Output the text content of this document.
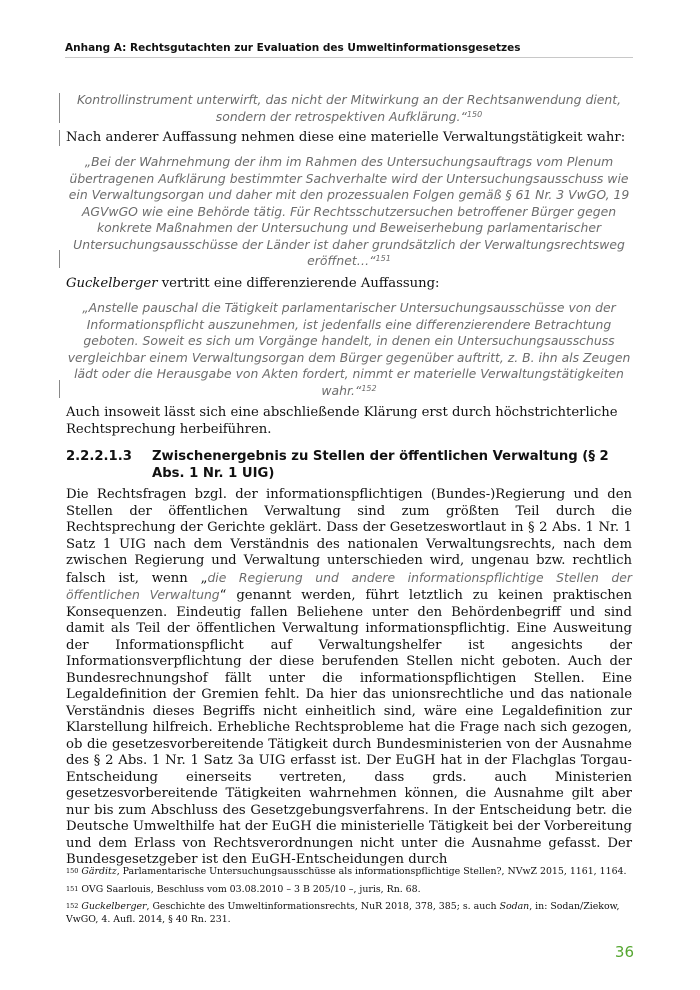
Anhang A: Rechtsgutachten zur Evaluation des Umweltinformationsgesetzes
Kontrollinstrument unterwirft, das nicht der Mitwirkung an der Rechtsanwendung dient, sondern der retrospektiven Aufklärung.“$^{150}$
Nach anderer Auffassung nehmen diese eine materielle Verwaltungstätigkeit wahr:
„Bei der Wahrnehmung der ihm im Rahmen des Untersuchungsauftrags vom Plenum übertragenen Aufklärung bestimmter Sachverhalte wird der Untersuchungsausschuss wie ein Verwaltungsorgan und daher mit den prozessualen Folgen gemäß § 61 Nr. 3 VwGO, 19 AGVwGO wie eine Behörde tätig. Für Rechtsschutzersuchen betroffener Bürger gegen konkrete Maßnahmen der Untersuchung und Beweiserhebung parlamentarischer Untersuchungsausschüsse der Länder ist daher grundsätzlich der Verwaltungsrechtsweg eröffnet…“$^{151}$
Guckelberger vertritt eine differenzierende Auffassung:
„Anstelle pauschal die Tätigkeit parlamentarischer Untersuchungsausschüsse von der Informationspflicht auszunehmen, ist jedenfalls eine differenzierendere Betrachtung geboten. Soweit es sich um Vorgänge handelt, in denen ein Untersuchungsausschuss vergleichbar einem Verwaltungsorgan dem Bürger gegenüber auftritt, z. B. ihn als Zeugen lädt oder die Herausgabe von Akten fordert, nimmt er materielle Verwaltungstätigkeiten wahr.“$^{152}$
Auch insoweit lässt sich eine abschließende Klärung erst durch höchstrichterliche Rechtsprechung herbeiführen.
2.2.2.1.3 Zwischenergebnis zu Stellen der öffentlichen Verwaltung (§ 2 Abs. 1 Nr. 1 UIG)
Die Rechtsfragen bzgl. der informationspflichtigen (Bundes-)Regierung und den Stellen der öffentlichen Verwaltung sind zum größten Teil durch die Rechtsprechung der Gerichte geklärt. Dass der Gesetzeswortlaut in § 2 Abs. 1 Nr. 1 Satz 1 UIG nach dem Verständnis des nationalen Verwaltungsrechts, nach dem zwischen Regierung und Verwaltung unterschieden wird, ungenau bzw. rechtlich falsch ist, wenn „die Regierung und andere informationspflichtige Stellen der öffentlichen Verwaltung“ genannt werden, führt letztlich zu keinen praktischen Konsequenzen. Eindeutig fallen Beliehene unter den Behördenbegriff und sind damit als Teil der öffentlichen Verwaltung informationspflichtig. Eine Ausweitung der Informationspflicht auf Verwaltungshelfer ist angesichts der Informationsverpflichtung der diese berufenden Stellen nicht geboten. Auch der Bundesrechnungshof fällt unter die informationspflichtigen Stellen. Eine Legaldefinition der Gremien fehlt. Da hier das unionsrechtliche und das nationale Verständnis dieses Begriffs nicht einheitlich sind, wäre eine Legaldefinition zur Klarstellung hilfreich. Erhebliche Rechtsprobleme hat die Frage nach sich gezogen, ob die gesetzesvorbereitende Tätigkeit durch Bundesministerien von der Ausnahme des § 2 Abs. 1 Nr. 1 Satz 3a UIG erfasst ist. Der EuGH hat in der Flachglas Torgau-Entscheidung einerseits vertreten, dass grds. auch Ministerien gesetzesvorbereitende Tätigkeiten wahrnehmen können, die Ausnahme gilt aber nur bis zum Abschluss des Gesetzgebungsverfahrens. In der Entscheidung betr. die Deutsche Umwelthilfe hat der EuGH die ministerielle Tätigkeit bei der Vorbereitung und dem Erlass von Rechtsverordnungen nicht unter die Ausnahme gefasst. Der Bundesgesetzgeber ist den EuGH-Entscheidungen durch
$^{150}$ Gärditz, Parlamentarische Untersuchungsausschüsse als informationspflichtige Stellen?, NVwZ 2015, 1161, 1164.
$^{151}$ OVG Saarlouis, Beschluss vom 03.08.2010 – 3 B 205/10 –, juris, Rn. 68.
$^{152}$ Guckelberger, Geschichte des Umweltinformationsrechts, NuR 2018, 378, 385; s. auch Sodan, in: Sodan/Ziekow, VwGO, 4. Aufl. 2014, § 40 Rn. 231.
36
